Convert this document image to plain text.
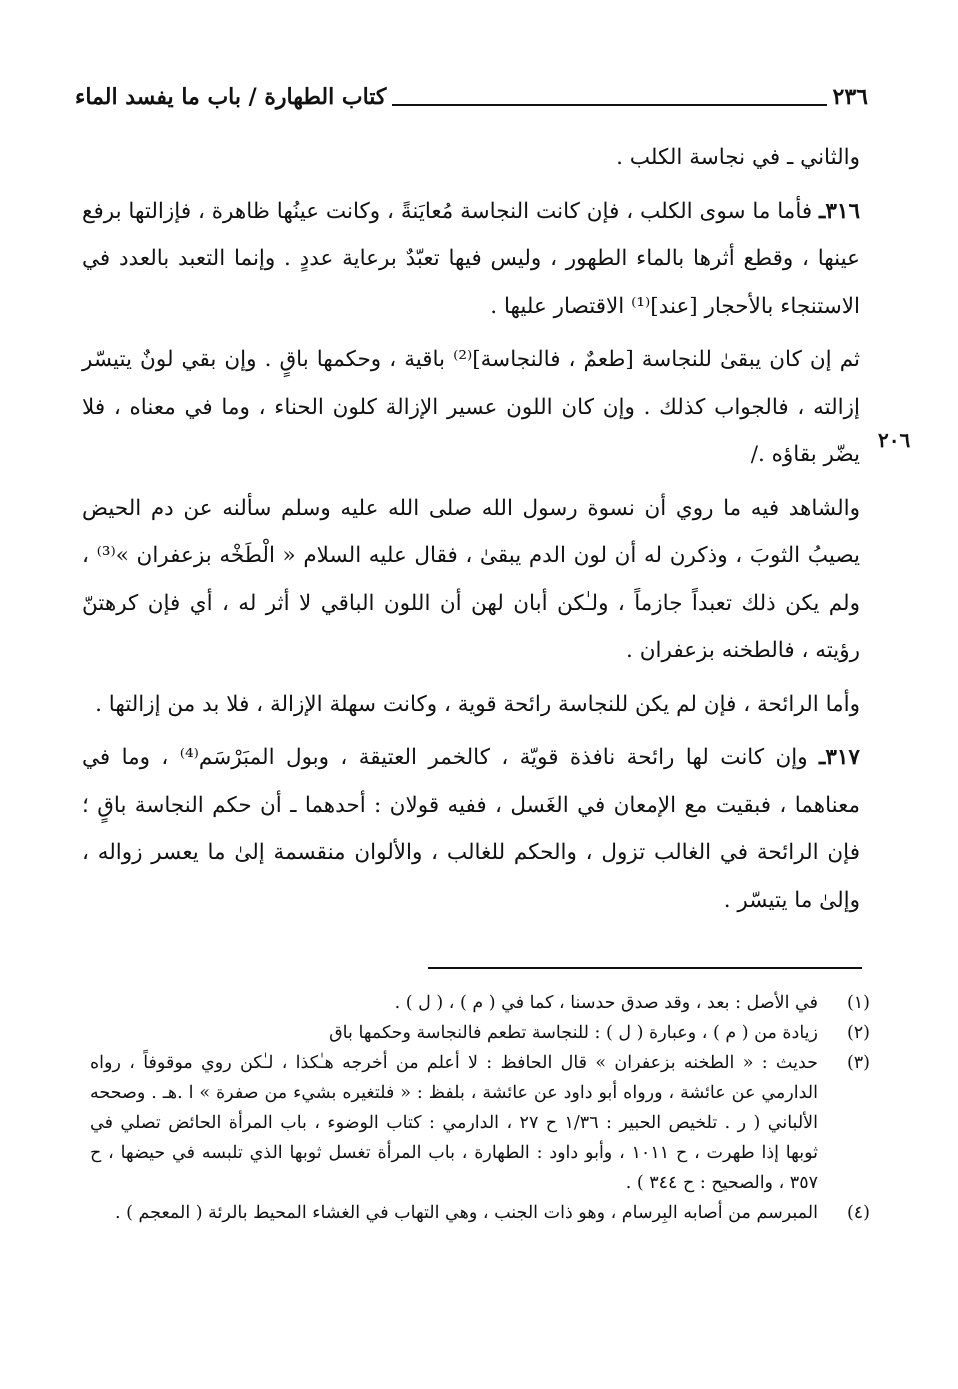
٢٣٦
كتاب الطهارة / باب ما يفسد الماء

والثاني ـ في نجاسة الكلب .

٣١٦ـ فأما ما سوى الكلب ، فإن كانت النجاسة مُعايَنةً ، وكانت عينُها ظاهرة ، فإزالتها برفع عينها ، وقطع أثرها بالماء الطهور ، وليس فيها تعبّدٌ برعاية عددٍ . وإنما التعبد بالعدد في الاستنجاء بالأحجار [عند]⁽¹⁾ الاقتصار عليها .

ثم إن كان يبقىٰ للنجاسة [طعمٌ ، فالنجاسة]⁽²⁾ باقية ، وحكمها باقٍ . وإن بقي لونٌ يتيسّر إزالته ، فالجواب كذلك . وإن كان اللون عسير الإزالة كلون الحناء ، وما في معناه ، فلا يضّر بقاؤه ./

والشاهد فيه ما روي أن نسوة رسول الله صلى الله عليه وسلم سألنه عن دم الحيض يصيبُ الثوبَ ، وذكرن له أن لون الدم يبقىٰ ، فقال عليه السلام « الْطَخْه بزعفران »⁽³⁾ ، ولم يكن ذلك تعبداً جازماً ، ولـٰكن أبان لهن أن اللون الباقي لا أثر له ، أي فإن كرهتنّ رؤيته ، فالطخنه بزعفران .

وأما الرائحة ، فإن لم يكن للنجاسة رائحة قوية ، وكانت سهلة الإزالة ، فلا بد من إزالتها .

٣١٧ـ وإن كانت لها رائحة نافذة قويّة ، كالخمر العتيقة ، وبول المبَرْسَم⁽⁴⁾ ، وما في معناهما ، فبقيت مع الإمعان في الغَسل ، ففيه قولان : أحدهما ـ أن حكم النجاسة باقٍ ؛ فإن الرائحة في الغالب تزول ، والحكم للغالب ، والألوان منقسمة إلىٰ ما يعسر زواله ، وإلىٰ ما يتيسّر .

٢٠٦
(١)
في الأصل : بعد ، وقد صدق حدسنا ، كما في ( م ) ، ( ل ) .
(٢)
زيادة من ( م ) ، وعبارة ( ل ) : للنجاسة تطعم فالنجاسة وحكمها باق
(٣)
حديث : « الطخنه بزعفران » قال الحافظ : لا أعلم من أخرجه هـٰكذا ، لـٰكن روي موقوفاً ، رواه الدارمي عن عائشة ، ورواه أبو داود عن عائشة ، بلفظ : « فلتغيره بشيء من صفرة » ا .هـ . وصححه الألباني ( ر . تلخيص الحبير : ١/٣٦ ح ٢٧ ، الدارمي : كتاب الوضوء ، باب المرأة الحائض تصلي في ثوبها إذا طهرت ، ح ١٠١١ ، وأبو داود : الطهارة ، باب المرأة تغسل ثوبها الذي تلبسه في حيضها ، ح ٣٥٧ ، والصحيح : ح ٣٤٤ ) .
(٤)
المبرسم من أصابه البِرسام ، وهو ذات الجنب ، وهي التهاب في الغشاء المحيط بالرئة ( المعجم ) .
